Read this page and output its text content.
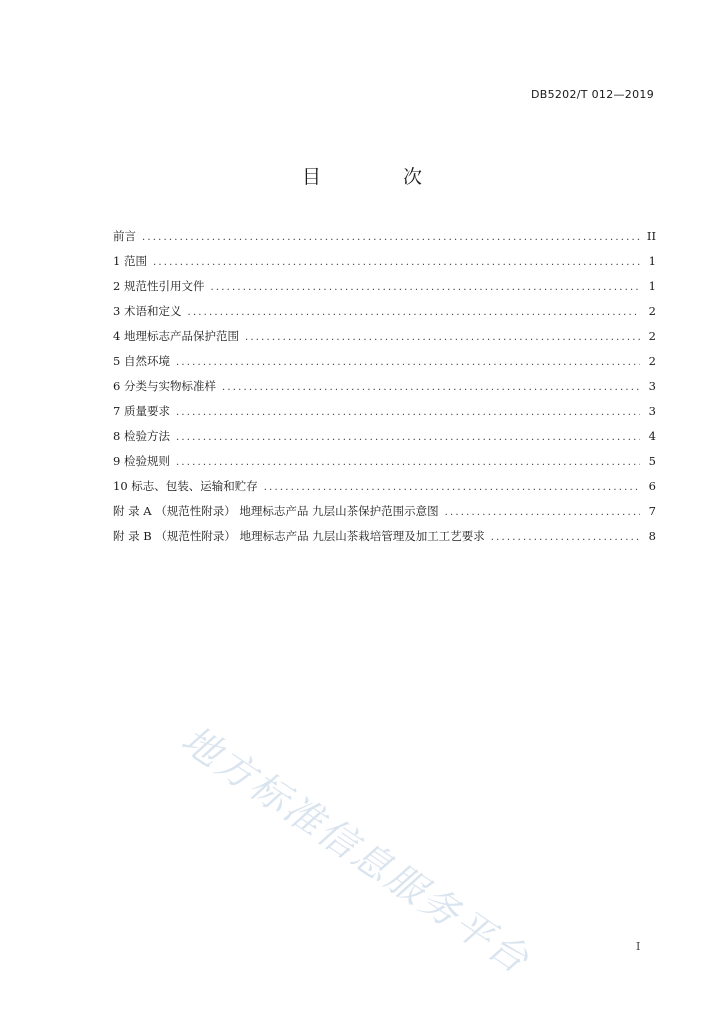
DB5202/T 012—2019
目 次
前言 .....	II
1 范围 .....	1
2 规范性引用文件 .....	1
3 术语和定义 .....	2
4 地理标志产品保护范围 .....	2
5 自然环境 .....	2
6 分类与实物标准样 .....	3
7 质量要求 .....	3
8 检验方法 .....	4
9 检验规则 .....	5
10 标志、包装、运输和贮存 .....	6
附 录 A （规范性附录） 地理标志产品 九层山茶保护范围示意图 .....	7
附 录 B （规范性附录） 地理标志产品 九层山茶栽培管理及加工工艺要求 .....	8
地方标准信息服务平台	I
